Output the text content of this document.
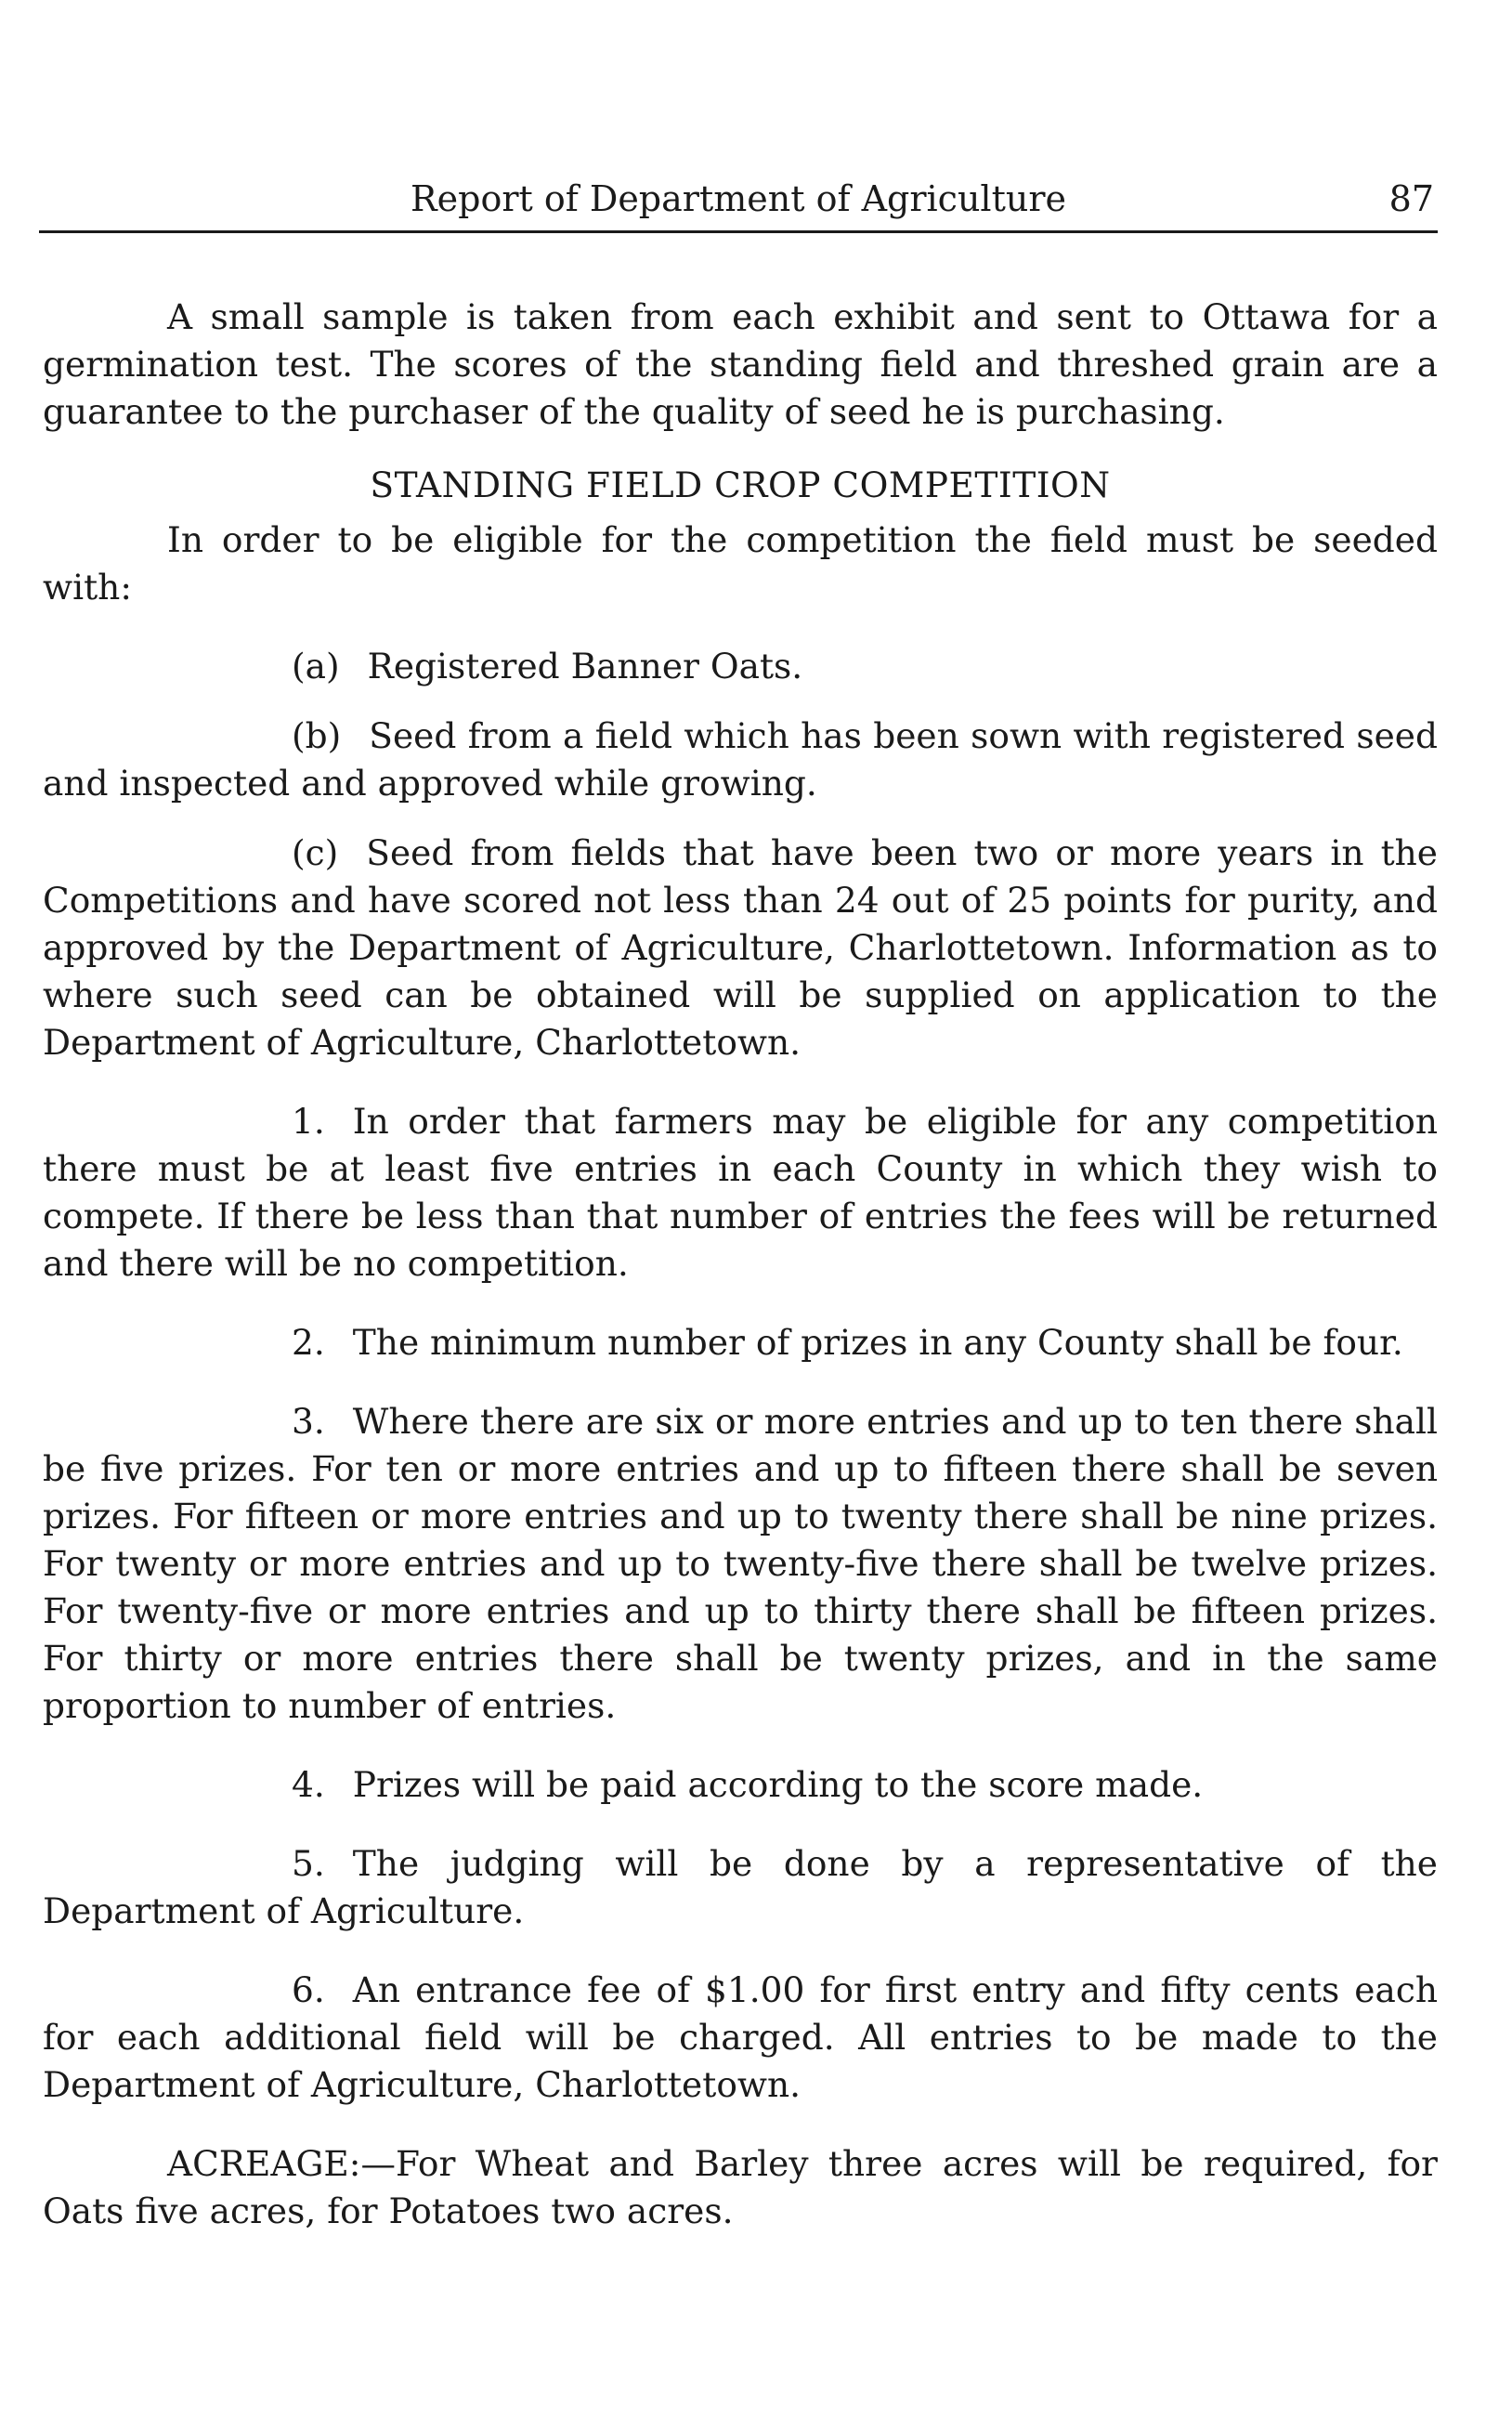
Report of Department of Agriculture	87

A small sample is taken from each exhibit and sent to Ottawa for a germination test. The scores of the standing field and threshed grain are a guarantee to the purchaser of the quality of seed he is purchasing.

STANDING FIELD CROP COMPETITION

In order to be eligible for the competition the field must be seeded with:

(a) Registered Banner Oats.

(b) Seed from a field which has been sown with registered seed and inspected and approved while growing.

(c) Seed from fields that have been two or more years in the Competitions and have scored not less than 24 out of 25 points for purity, and approved by the Department of Agriculture, Charlottetown. Information as to where such seed can be obtained will be supplied on application to the Department of Agriculture, Charlottetown.

1. In order that farmers may be eligible for any competition there must be at least five entries in each County in which they wish to compete. If there be less than that number of entries the fees will be returned and there will be no competition.

2. The minimum number of prizes in any County shall be four.

3. Where there are six or more entries and up to ten there shall be five prizes. For ten or more entries and up to fifteen there shall be seven prizes. For fifteen or more entries and up to twenty there shall be nine prizes. For twenty or more entries and up to twenty-five there shall be twelve prizes. For twenty-five or more entries and up to thirty there shall be fifteen prizes. For thirty or more entries there shall be twenty prizes, and in the same proportion to number of entries.

4. Prizes will be paid according to the score made.

5. The judging will be done by a representative of the Department of Agriculture.

6. An entrance fee of $1.00 for first entry and fifty cents each for each additional field will be charged. All entries to be made to the Department of Agriculture, Charlottetown.

ACREAGE:—For Wheat and Barley three acres will be required, for Oats five acres, for Potatoes two acres.
